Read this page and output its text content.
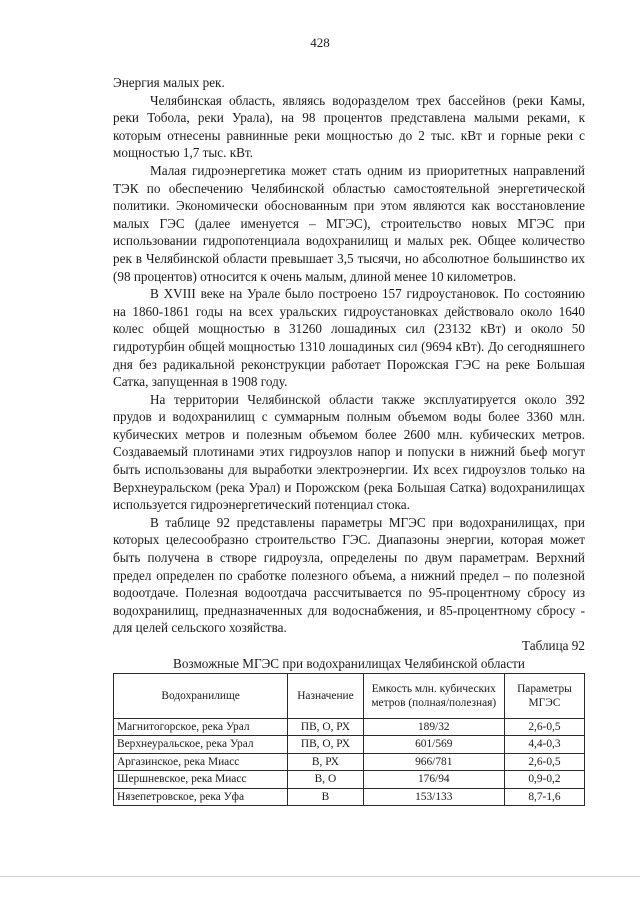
428

Энергия малых рек.

Челябинская область, являясь водоразделом трех бассейнов (реки Камы, реки Тобола, реки Урала), на 98 процентов представлена малыми реками, к которым отнесены равнинные реки мощностью до 2 тыс. кВт и горные реки с мощностью 1,7 тыс. кВт.

Малая гидроэнергетика может стать одним из приоритетных направлений ТЭК по обеспечению Челябинской областью самостоятельной энергетической политики. Экономически обоснованным при этом являются как восстановление малых ГЭС (далее именуется – МГЭС), строительство новых МГЭС при использовании гидропотенциала водохранилищ и малых рек. Общее количество рек в Челябинской области превышает 3,5 тысячи, но абсолютное большинство их (98 процентов) относится к очень малым, длиной менее 10 километров.

В XVIII веке на Урале было построено 157 гидроустановок. По состоянию на 1860-1861 годы на всех уральских гидроустановках действовало около 1640 колес общей мощностью в 31260 лошадиных сил (23132 кВт) и около 50 гидротурбин общей мощностью 1310 лошадиных сил (9694 кВт). До сегодняшнего дня без радикальной реконструкции работает Порожская ГЭС на реке Большая Сатка, запущенная в 1908 году.

На территории Челябинской области также эксплуатируется около 392 прудов и водохранилищ с суммарным полным объемом воды более 3360 млн. кубических метров и полезным объемом более 2600 млн. кубических метров. Создаваемый плотинами этих гидроузлов напор и попуски в нижний бьеф могут быть использованы для выработки электроэнергии. Их всех гидроузлов только на Верхнеуральском (река Урал) и Порожском (река Большая Сатка) водохранилищах используется гидроэнергетический потенциал стока.

В таблице 92 представлены параметры МГЭС при водохранилищах, при которых целесообразно строительство ГЭС. Диапазоны энергии, которая может быть получена в створе гидроузла, определены по двум параметрам. Верхний предел определен по сработке полезного объема, а нижний предел – по полезной водоотдаче. Полезная водоотдача рассчитывается по 95-процентному сбросу из водохранилищ, предназначенных для водоснабжения, и 85-процентному сбросу - для целей сельского хозяйства.

Таблица 92

Возможные МГЭС при водохранилищах Челябинской области

Водохранилище	Назначение	Емкость млн. кубических метров (полная/полезная)	Параметры МГЭС
Магнитогорское, река Урал	ПВ, О, РХ	189/32	2,6-0,5
Верхнеуральское, река Урал	ПВ, О, РХ	601/569	4,4-0,3
Аргазинское, река Миасс	В, РХ	966/781	2,6-0,5
Шершневское, река Миасс	В, О	176/94	0,9-0,2
Нязепетровское, река Уфа	В	153/133	8,7-1,6
